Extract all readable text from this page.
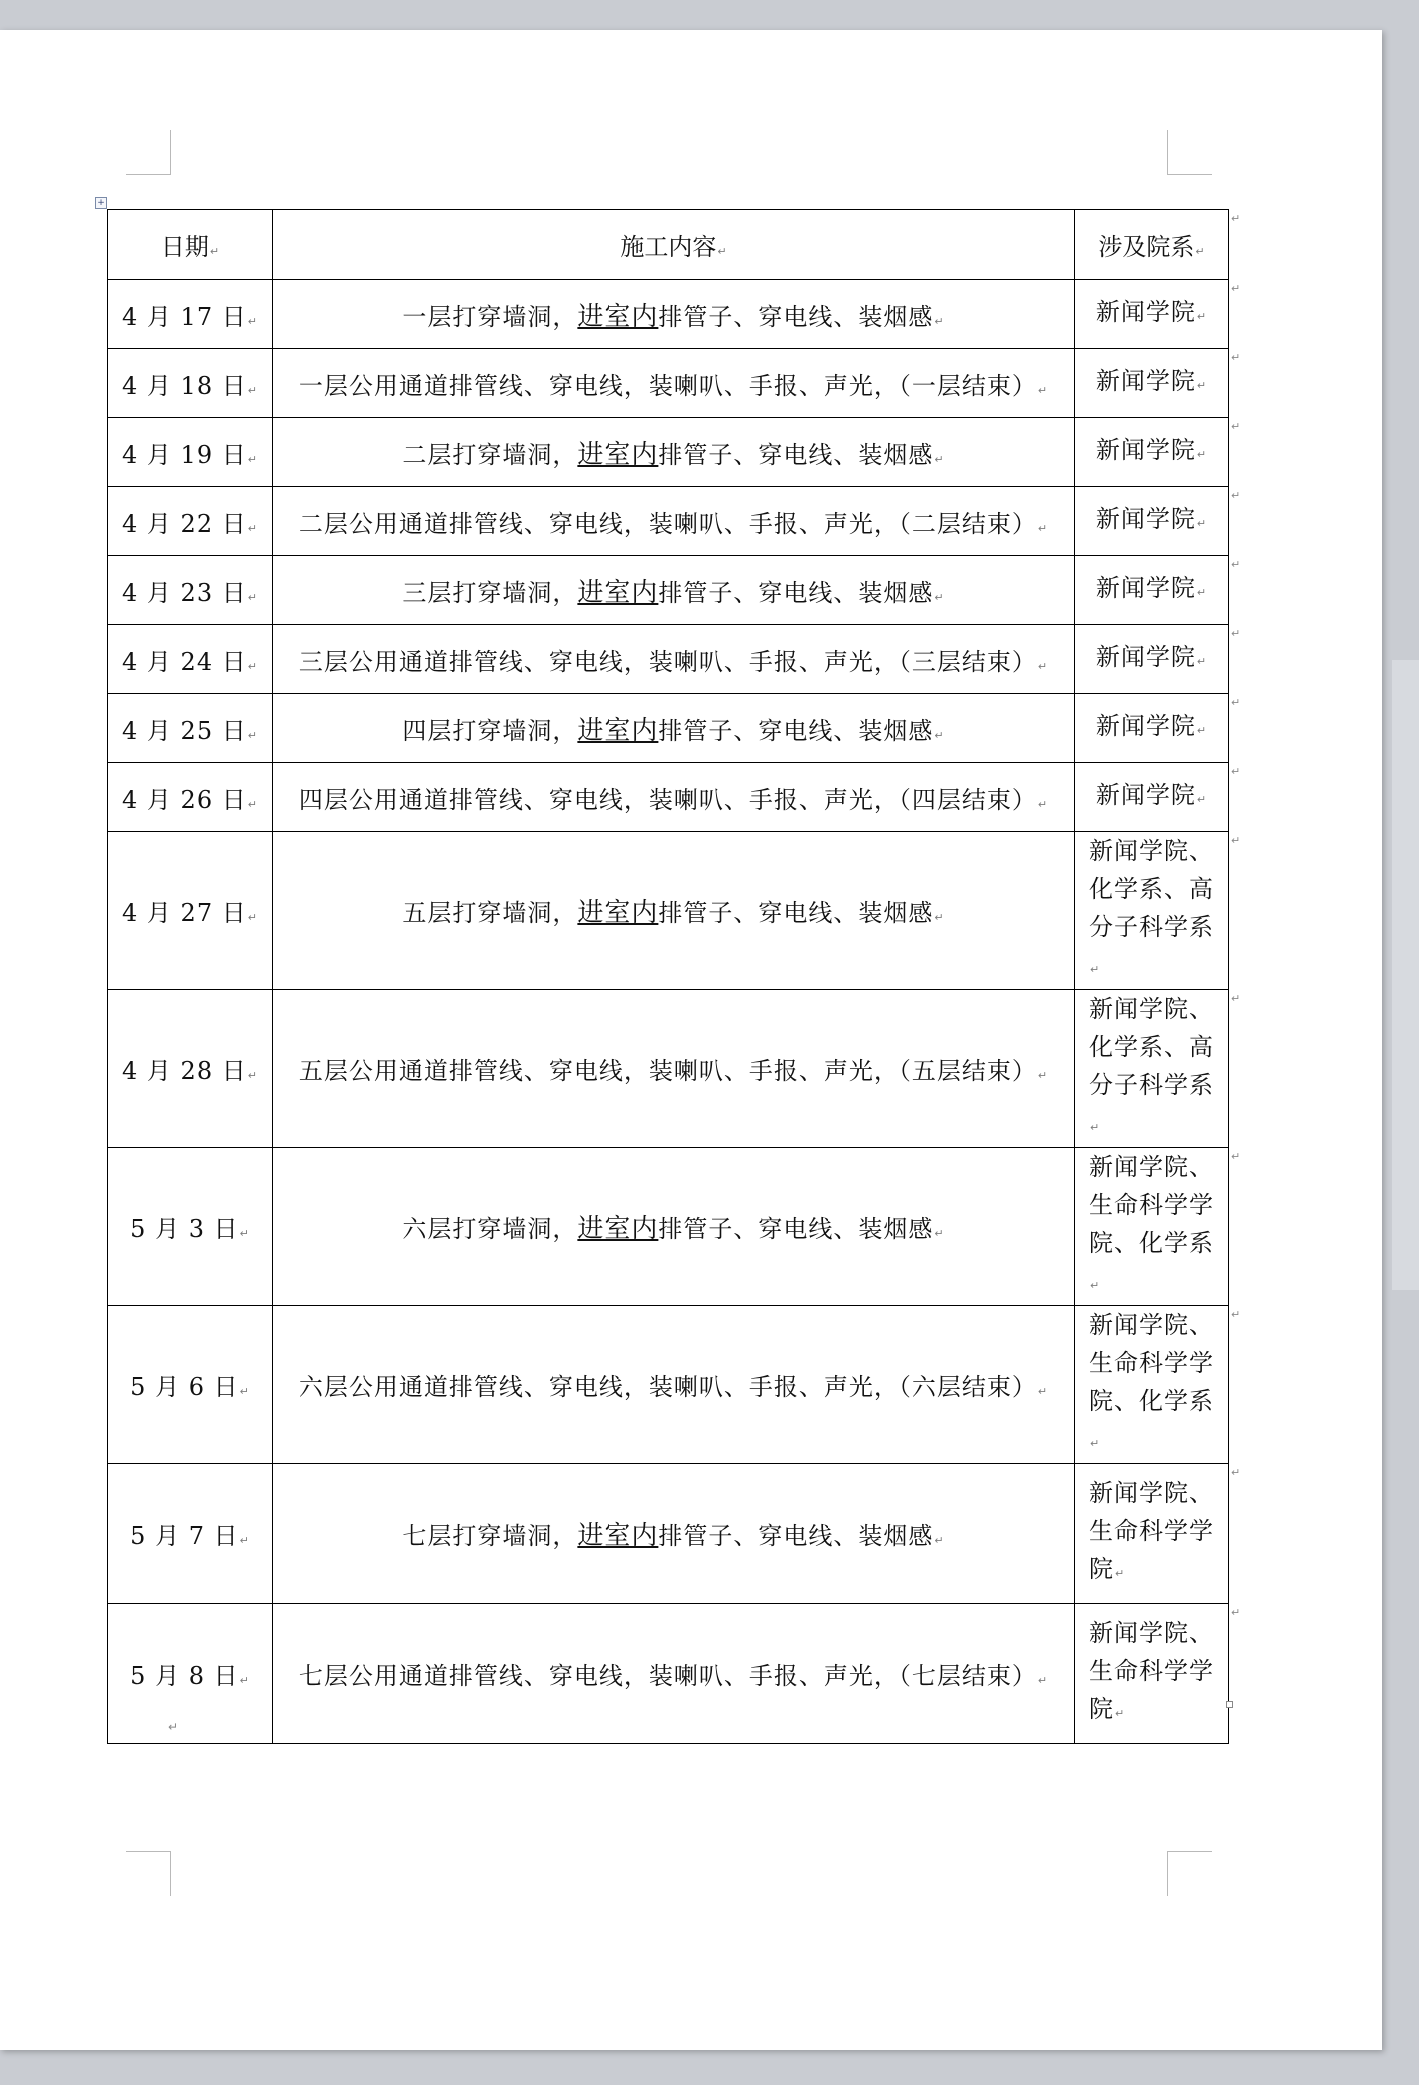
+
日期↵	施工内容↵	涉及院系↵
4 月 17 日↵	一层打穿墙洞，进室内排管子、穿电线、装烟感↵	新闻学院↵
4 月 18 日↵	一层公用通道排管线、穿电线，装喇叭、手报、声光，（一层结束）↵	新闻学院↵
4 月 19 日↵	二层打穿墙洞，进室内排管子、穿电线、装烟感↵	新闻学院↵
4 月 22 日↵	二层公用通道排管线、穿电线，装喇叭、手报、声光，（二层结束）↵	新闻学院↵
4 月 23 日↵	三层打穿墙洞，进室内排管子、穿电线、装烟感↵	新闻学院↵
4 月 24 日↵	三层公用通道排管线、穿电线，装喇叭、手报、声光，（三层结束）↵	新闻学院↵
4 月 25 日↵	四层打穿墙洞，进室内排管子、穿电线、装烟感↵	新闻学院↵
4 月 26 日↵	四层公用通道排管线、穿电线，装喇叭、手报、声光，（四层结束）↵	新闻学院↵
4 月 27 日↵	五层打穿墙洞，进室内排管子、穿电线、装烟感↵	新闻学院、化学系、高分子科学系↵
4 月 28 日↵	五层公用通道排管线、穿电线，装喇叭、手报、声光，（五层结束）↵	新闻学院、化学系、高分子科学系↵
5 月 3 日↵	六层打穿墙洞，进室内排管子、穿电线、装烟感↵	新闻学院、生命科学学院、化学系↵
5 月 6 日↵	六层公用通道排管线、穿电线，装喇叭、手报、声光，（六层结束）↵	新闻学院、生命科学学院、化学系↵
5 月 7 日↵	七层打穿墙洞，进室内排管子、穿电线、装烟感↵	新闻学院、生命科学学院↵
5 月 8 日↵	七层公用通道排管线、穿电线，装喇叭、手报、声光，（七层结束）↵	新闻学院、生命科学学院↵
↵
↵
↵
↵
↵
↵
↵
↵
↵
↵
↵
↵
↵
↵
↵
↵
